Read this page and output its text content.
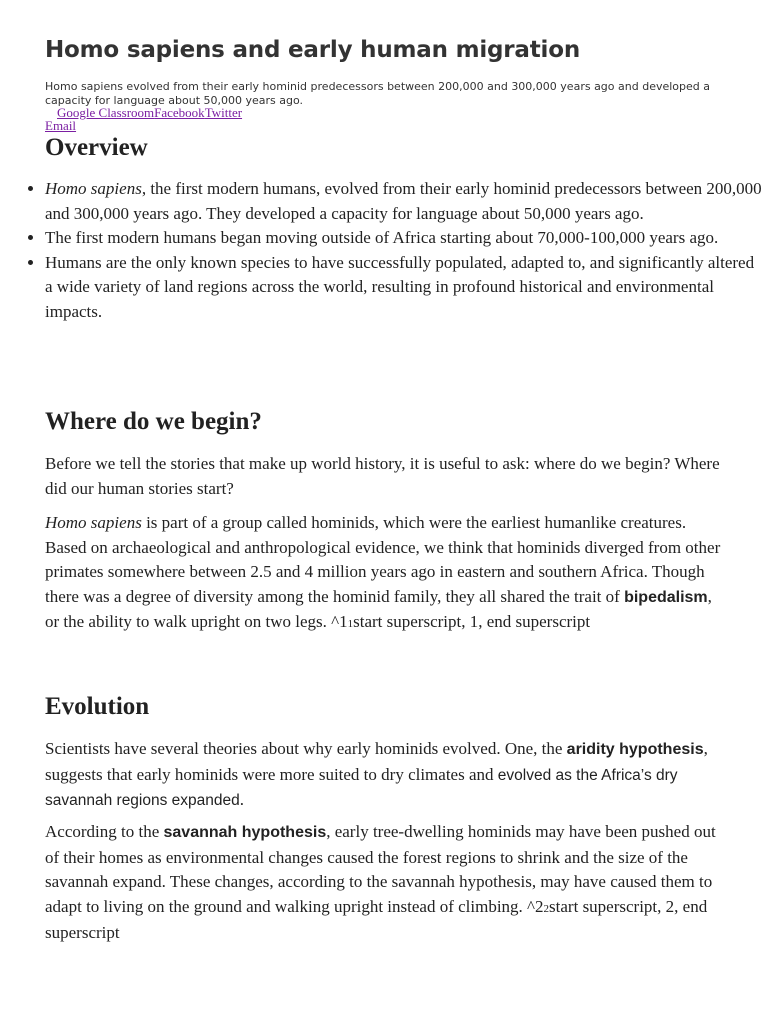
Homo sapiens and early human migration

Homo sapiens evolved from their early hominid predecessors between 200,000 and 300,000 years ago and developed a capacity for language about 50,000 years ago.

Google ClassroomFacebookTwitter
Email
Overview
• Homo sapiens, the first modern humans, evolved from their early hominid predecessors between 200,000 and 300,000 years ago. They developed a capacity for language about 50,000 years ago.
• The first modern humans began moving outside of Africa starting about 70,000-100,000 years ago.
• Humans are the only known species to have successfully populated, adapted to, and significantly altered a wide variety of land regions across the world, resulting in profound historical and environmental impacts.
Where do we begin?

Before we tell the stories that make up world history, it is useful to ask: where do we begin? Where did our human stories start?

Homo sapiens is part of a group called hominids, which were the earliest humanlike creatures. Based on archaeological and anthropological evidence, we think that hominids diverged from other primates somewhere between 2.5 and 4 million years ago in eastern and southern Africa. Though there was a degree of diversity among the hominid family, they all shared the trait of bipedalism, or the ability to walk upright on two legs. ^11start superscript, 1, end superscript

Evolution

Scientists have several theories about why early hominids evolved. One, the aridity hypothesis, suggests that early hominids were more suited to dry climates and evolved as the Africa’s dry savannah regions expanded.

According to the savannah hypothesis, early tree-dwelling hominids may have been pushed out of their homes as environmental changes caused the forest regions to shrink and the size of the savannah expand. These changes, according to the savannah hypothesis, may have caused them to adapt to living on the ground and walking upright instead of climbing. ^22start superscript, 2, end superscript
